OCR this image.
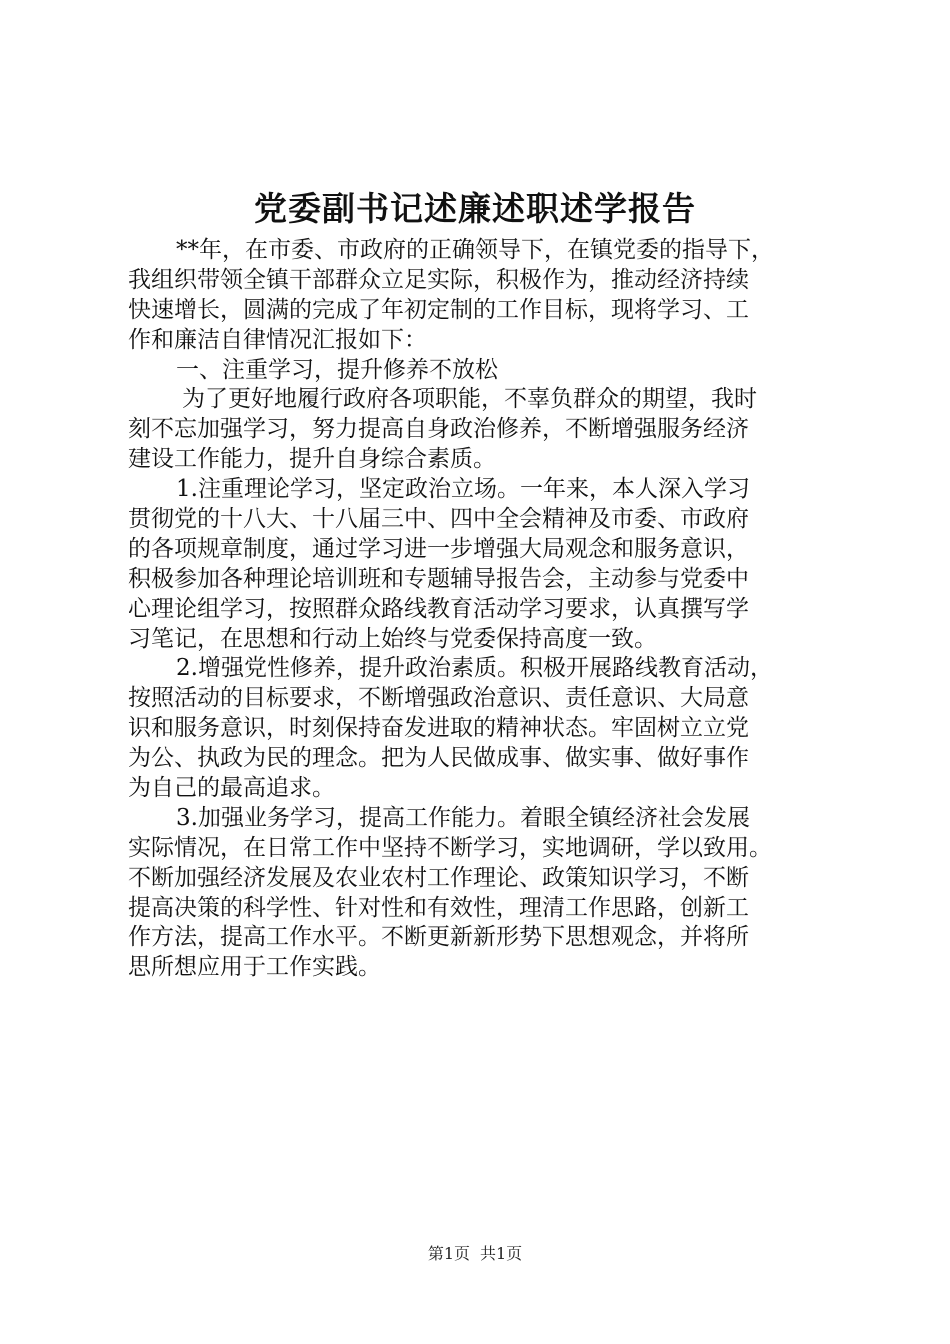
党委副书记述廉述职述学报告
**年，在市委、市政府的正确领导下，在镇党委的指导下，
我组织带领全镇干部群众立足实际，积极作为，推动经济持续
快速增长，圆满的完成了年初定制的工作目标，现将学习、工
作和廉洁自律情况汇报如下：
一、注重学习，提升修养不放松
为了更好地履行政府各项职能，不辜负群众的期望，我时
刻不忘加强学习，努力提高自身政治修养，不断增强服务经济
建设工作能力，提升自身综合素质。
1.注重理论学习，坚定政治立场。一年来，本人深入学习
贯彻党的十八大、十八届三中、四中全会精神及市委、市政府
的各项规章制度，通过学习进一步增强大局观念和服务意识，
积极参加各种理论培训班和专题辅导报告会，主动参与党委中
心理论组学习，按照群众路线教育活动学习要求，认真撰写学
习笔记，在思想和行动上始终与党委保持高度一致。
2.增强党性修养，提升政治素质。积极开展路线教育活动，
按照活动的目标要求，不断增强政治意识、责任意识、大局意
识和服务意识，时刻保持奋发进取的精神状态。牢固树立立党
为公、执政为民的理念。把为人民做成事、做实事、做好事作
为自己的最高追求。
3.加强业务学习，提高工作能力。着眼全镇经济社会发展
实际情况，在日常工作中坚持不断学习，实地调研，学以致用。
不断加强经济发展及农业农村工作理论、政策知识学习，不断
提高决策的科学性、针对性和有效性，理清工作思路，创新工
作方法，提高工作水平。不断更新新形势下思想观念，并将所
思所想应用于工作实践。
第1页 共1页
